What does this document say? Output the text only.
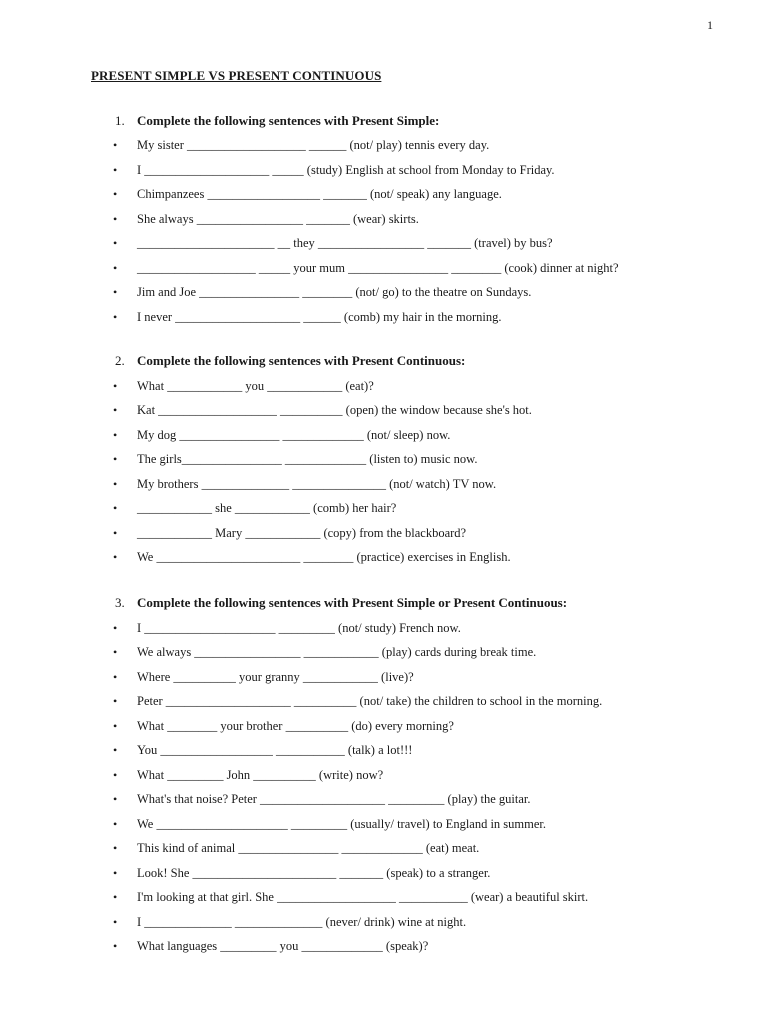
1
PRESENT SIMPLE VS PRESENT CONTINUOUS
1. Complete the following sentences with Present Simple:
• My sister ___________________ ______ (not/ play) tennis every day.
• I ____________________ _____ (study) English at school from Monday to Friday.
• Chimpanzees __________________ _______ (not/ speak) any language.
• She always _________________ _______ (wear) skirts.
• ______________________ __ they _________________ _______ (travel) by bus?
• ___________________ _____ your mum ________________ ________ (cook) dinner at night?
• Jim and Joe ________________ ________ (not/ go) to the theatre on Sundays.
• I never ____________________ ______ (comb) my hair in the morning.
2. Complete the following sentences with Present Continuous:
• What ____________ you ____________ (eat)?
• Kat ___________________ __________ (open) the window because she's hot.
• My dog ________________ _____________ (not/ sleep) now.
• The girls________________ _____________ (listen to) music now.
• My brothers ______________ _______________ (not/ watch) TV now.
• ____________ she ____________ (comb) her hair?
• ____________ Mary ____________ (copy) from the blackboard?
• We _______________________ ________ (practice) exercises in English.
3. Complete the following sentences with Present Simple or Present Continuous:
• I _____________________ _________ (not/ study) French now.
• We always _________________ ____________ (play) cards during break time.
• Where __________ your granny ____________ (live)?
• Peter ____________________ __________ (not/ take) the children to school in the morning.
• What ________ your brother __________ (do) every morning?
• You __________________ ___________ (talk) a lot!!!
• What _________ John __________ (write) now?
• What's that noise? Peter ____________________ _________ (play) the guitar.
• We _____________________ _________ (usually/ travel) to England in summer.
• This kind of animal ________________ _____________ (eat) meat.
• Look! She _______________________ _______ (speak) to a stranger.
• I'm looking at that girl. She ___________________ ___________ (wear) a beautiful skirt.
• I ______________ ______________ (never/ drink) wine at night.
• What languages _________ you _____________ (speak)?
